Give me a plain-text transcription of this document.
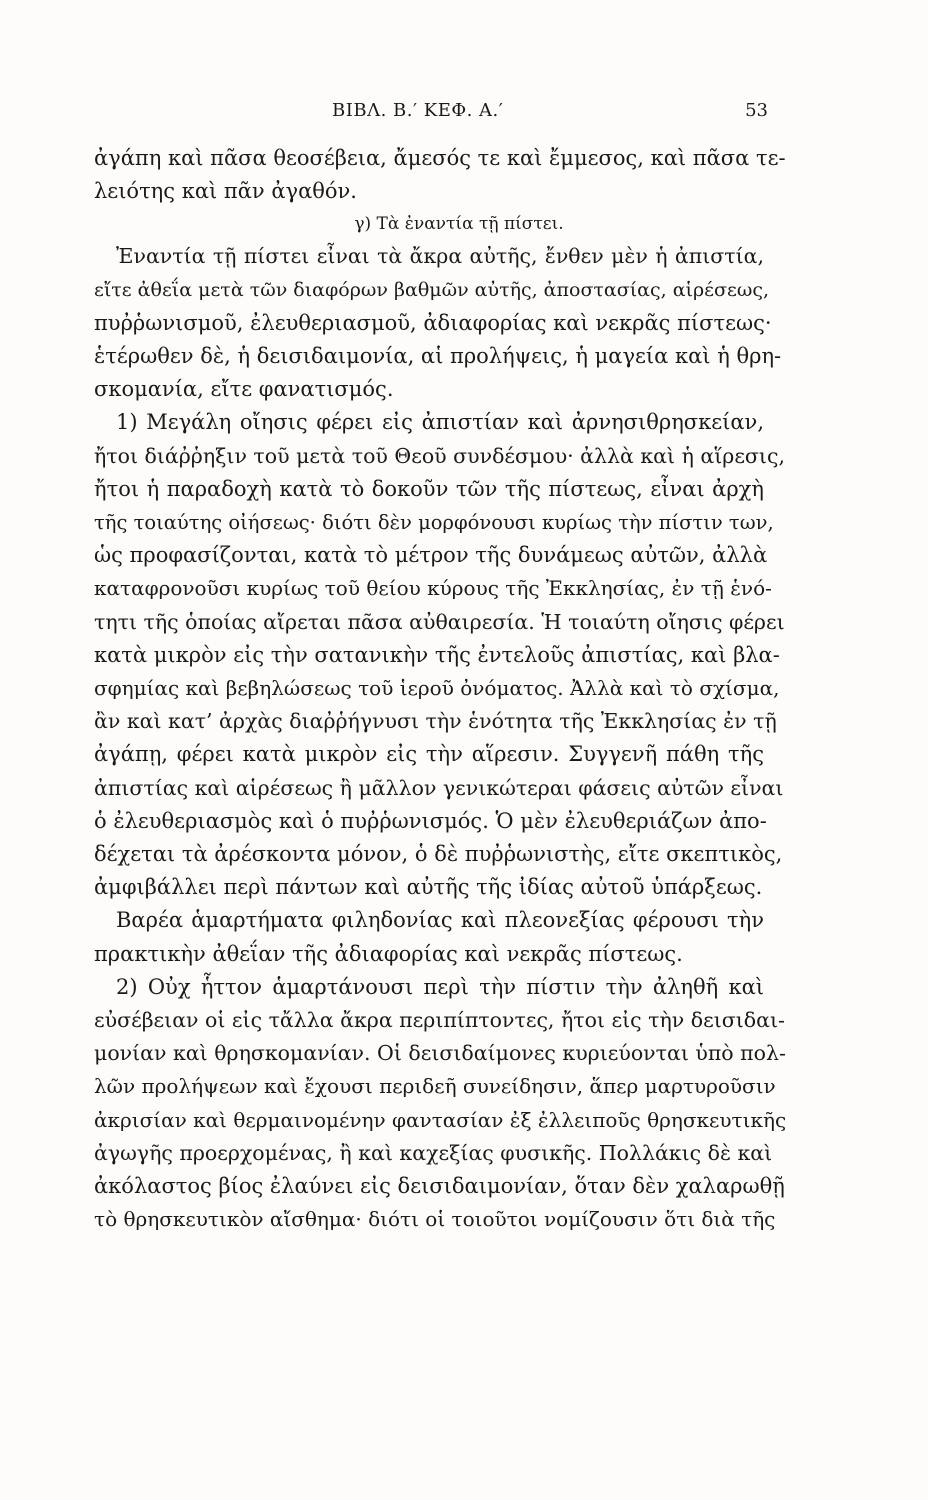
ΒΙΒΛ. Β.′ ΚΕΦ. Α.′	53
ἀγάπη καὶ πᾶσα θεοσέβεια, ἄμεσός τε καὶ ἔμμεσος, καὶ πᾶσα τε-
λειότης καὶ πᾶν ἀγαθόν.
γ) Τὰ ἐναντία τῇ πίστει.
Ἐναντία τῇ πίστει εἶναι τὰ ἄκρα αὐτῆς, ἔνθεν μὲν ἡ ἀπιστία,
εἴτε ἀθεΐα μετὰ τῶν διαφόρων βαθμῶν αὐτῆς, ἀποστασίας, αἱρέσεως,
πυῤῥωνισμοῦ, ἐλευθεριασμοῦ, ἀδιαφορίας καὶ νεκρᾶς πίστεως·
ἑτέρωθεν δὲ, ἡ δεισιδαιμονία, αἱ προλήψεις, ἡ μαγεία καὶ ἡ θρη-
σκομανία, εἴτε φανατισμός.
1) Μεγάλη οἴησις φέρει εἰς ἀπιστίαν καὶ ἀρνησιθρησκείαν,
ἤτοι διάῤῥηξιν τοῦ μετὰ τοῦ Θεοῦ συνδέσμου· ἀλλὰ καὶ ἡ αἵρεσις,
ἤτοι ἡ παραδοχὴ κατὰ τὸ δοκοῦν τῶν τῆς πίστεως, εἶναι ἀρχὴ
τῆς τοιαύτης οἰήσεως· διότι δὲν μορφόνουσι κυρίως τὴν πίστιν των,
ὡς προφασίζονται, κατὰ τὸ μέτρον τῆς δυνάμεως αὐτῶν, ἀλλὰ
καταφρονοῦσι κυρίως τοῦ θείου κύρους τῆς Ἐκκλησίας, ἐν τῇ ἑνό-
τητι τῆς ὁποίας αἴρεται πᾶσα αὐθαιρεσία. Ἡ τοιαύτη οἴησις φέρει
κατὰ μικρὸν εἰς τὴν σατανικὴν τῆς ἐντελοῦς ἀπιστίας, καὶ βλα-
σφημίας καὶ βεβηλώσεως τοῦ ἱεροῦ ὀνόματος. Ἀλλὰ καὶ τὸ σχίσμα,
ἂν καὶ κατ’ ἀρχὰς διαῤῥήγνυσι τὴν ἑνότητα τῆς Ἐκκλησίας ἐν τῇ
ἀγάπῃ, φέρει κατὰ μικρὸν εἰς τὴν αἵρεσιν. Συγγενῆ πάθη τῆς
ἀπιστίας καὶ αἱρέσεως ἢ μᾶλλον γενικώτεραι φάσεις αὐτῶν εἶναι
ὁ ἐλευθεριασμὸς καὶ ὁ πυῤῥωνισμός. Ὁ μὲν ἐλευθεριάζων ἀπο-
δέχεται τὰ ἀρέσκοντα μόνον, ὁ δὲ πυῤῥωνιστὴς, εἴτε σκεπτικὸς,
ἀμφιβάλλει περὶ πάντων καὶ αὐτῆς τῆς ἰδίας αὐτοῦ ὑπάρξεως.
Βαρέα ἁμαρτήματα φιληδονίας καὶ πλεονεξίας φέρουσι τὴν
πρακτικὴν ἀθεΐαν τῆς ἀδιαφορίας καὶ νεκρᾶς πίστεως.
2) Οὐχ ἧττον ἁμαρτάνουσι περὶ τὴν πίστιν τὴν ἀληθῆ καὶ
εὐσέβειαν οἱ εἰς τἄλλα ἄκρα περιπίπτοντες, ἤτοι εἰς τὴν δεισιδαι-
μονίαν καὶ θρησκομανίαν. Οἱ δεισιδαίμονες κυριεύονται ὑπὸ πολ-
λῶν προλήψεων καὶ ἔχουσι περιδεῆ συνείδησιν, ἅπερ μαρτυροῦσιν
ἀκρισίαν καὶ θερμαινομένην φαντασίαν ἐξ ἐλλειποῦς θρησκευτικῆς
ἀγωγῆς προερχομένας, ἢ καὶ καχεξίας φυσικῆς. Πολλάκις δὲ καὶ
ἀκόλαστος βίος ἐλαύνει εἰς δεισιδαιμονίαν, ὅταν δὲν χαλαρωθῇ
τὸ θρησκευτικὸν αἴσθημα· διότι οἱ τοιοῦτοι νομίζουσιν ὅτι διὰ τῆς
